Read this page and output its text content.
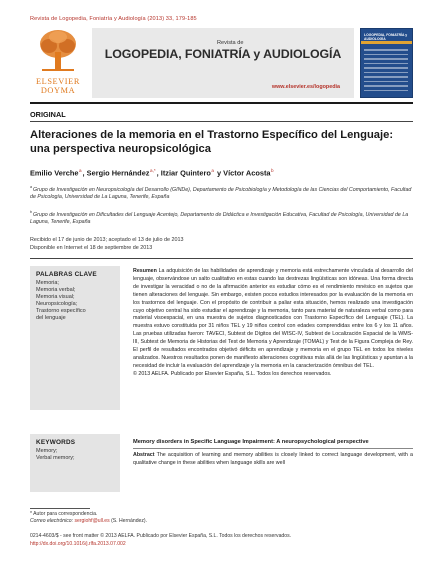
Revista de Logopedia, Foniatría y Audiología (2013) 33, 179-185
ELSEVIER
DOYMA
Revista de
LOGOPEDIA, FONIATRÍA y AUDIOLOGÍA
www.elsevier.es/logopedia
LOGOPEDIA, FONIATRÍA y AUDIOLOGÍA
ORIGINAL
Alteraciones de la memoria en el Trastorno Específico del Lenguaje: una perspectiva neuropsicológica
Emilio Verche$^a$, Sergio Hernández$^{a,*}$, Itziar Quintero$^a$ y Víctor Acosta$^b$
$^a$Grupo de Investigación en Neuropsicología del Desarrollo (GINDe), Departamento de Psicobiología y Metodología de las Ciencias del Comportamiento, Facultad de Psicología, Universidad de La Laguna, Tenerife, España
$^b$Grupo de Investigación en Dificultades del Lenguaje Acentejo, Departamento de Didáctica e Investigación Educativa, Facultad de Psicología, Universidad de La Laguna, Tenerife, España
Recibido el 17 de junio de 2013; aceptado el 13 de julio de 2013
Disponible en Internet el 18 de septiembre de 2013
PALABRAS CLAVE
Memoria;
Memoria verbal;
Memoria visual;
Neuropsicología;
Trastorno específico
del lenguaje
Resumen La adquisición de las habilidades de aprendizaje y memoria está estrechamente vinculada al desarrollo del lenguaje, observándose un salto cualitativo en estas cuando las destrezas lingüísticas son idóneas. Una forma directa de investigar la veracidad o no de la afirmación anterior es estudiar cómo es el rendimiento mnésico en sujetos que tienen alteraciones del lenguaje. Sin embargo, existen pocos estudios interesados por la evaluación de la memoria en los trastornos del lenguaje. Con el propósito de contribuir a paliar esta situación, hemos realizado una investigación cuyo objetivo central ha sido estudiar el aprendizaje y la memoria, tanto para material de naturaleza verbal como para material visoespacial, en una muestra de sujetos diagnosticados con Trastorno Específico del Lenguaje (TEL). La muestra estuvo constituida por 31 niños TEL y 19 niños control con edades comprendidas entre los 6 y los 11 años. Las pruebas utilizadas fueron: TAVECI, Subtest de Dígitos del WISC-IV, Subtest de Localización Espacial de la WMS-III, Subtest de Memoria de Historias del Test de Memoria y Aprendizaje (TOMAL) y Test de la Figura Compleja de Rey. El perfil de resultados encontrados objetivó déficits en aprendizaje y memoria en el grupo TEL en todos los niveles analizados. Nuestros resultados ponen de manifiesto alteraciones cognitivas más allá de las lingüísticas y apuntan a la necesidad de incluir la evaluación del aprendizaje y la memoria en la caracterización ómnibus del TEL.
© 2013 AELFA. Publicado por Elsevier España, S.L. Todos los derechos reservados.
KEYWORDS
Memory;
Verbal memory;
Memory disorders in Specific Language Impairment: A neuropsychological perspective
Abstract The acquisition of learning and memory abilities is closely linked to correct language development, with a qualitative change in these abilities when language skills are well
* Autor para correspondencia.
Correo electrónico: sergiohf@ull.es (S. Hernández).
0214-4603/$ - see front matter © 2013 AELFA. Publicado por Elsevier España, S.L. Todos los derechos reservados.
http://dx.doi.org/10.1016/j.rlfa.2013.07.002
